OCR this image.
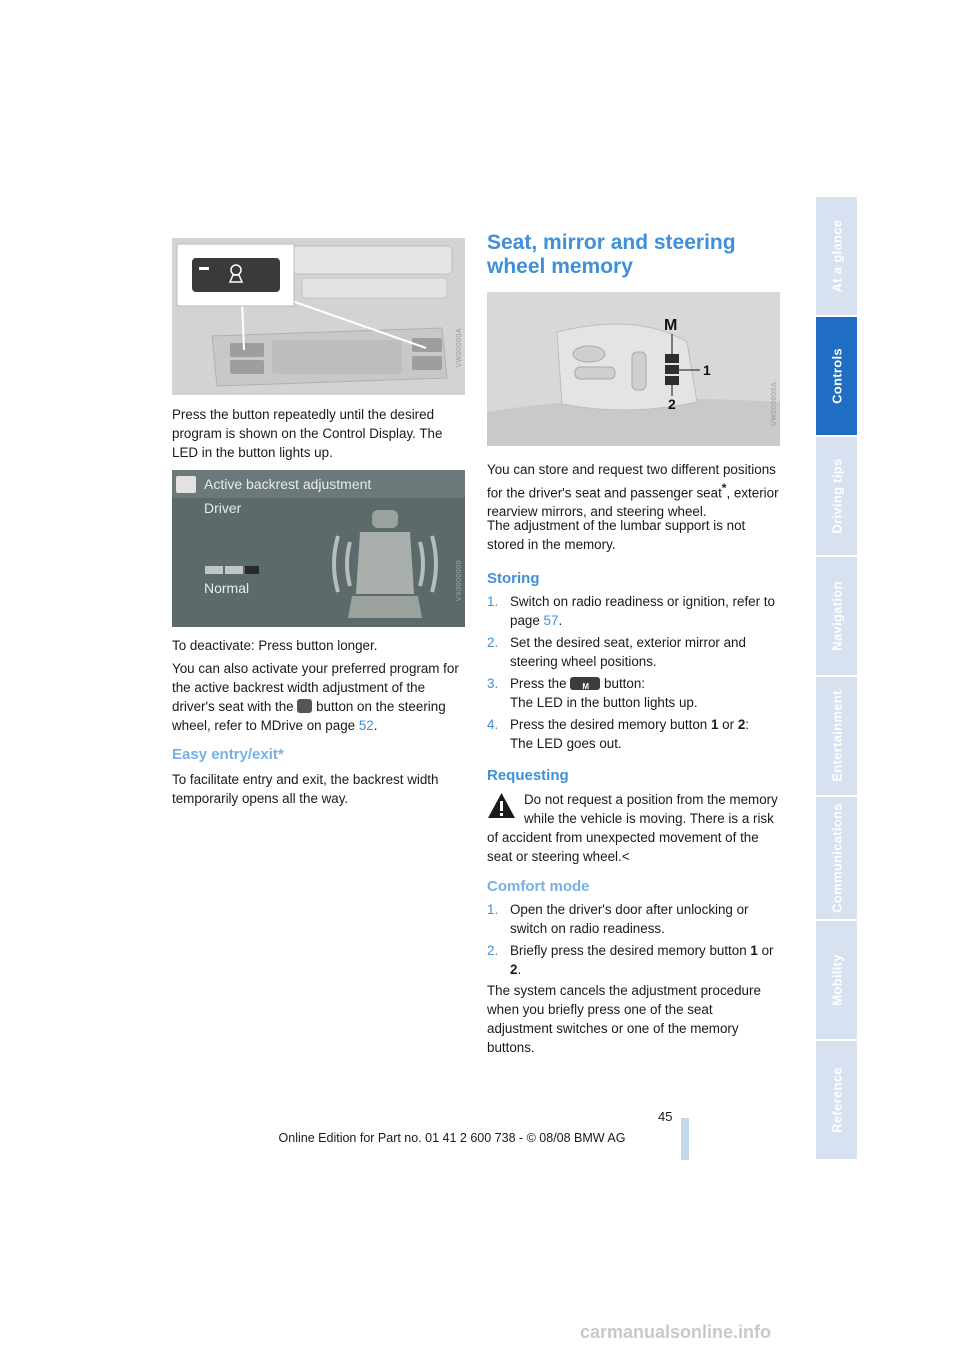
At a glance
Controls
Driving tips
Navigation
Entertainment
Communications
Mobility
Reference
VW00000A

Press the button repeatedly until the desired program is shown on the Control Display. The LED in the button lights up.

Active backrest adjustment
Driver
Normal	VX0000000

To deactivate: Press button longer.

You can also activate your preferred program for the active backrest width adjustment of the driver's seat with the button on the steering wheel, refer to MDrive on page 52.

Easy entry/exit*

To facilitate entry and exit, the backrest width temporarily opens all the way.

Seat, mirror and steering wheel memory
M
1
2	VW000000A

You can store and request two different positions for the driver's seat and passenger seat*, exterior rearview mirrors, and steering wheel.

The adjustment of the lumbar support is not stored in the memory.

Storing
1. Switch on radio readiness or ignition, refer to page 57.
2. Set the desired seat, exterior mirror and steering wheel positions.
3. Press the M	button:
The LED in the button lights up.
4. Press the desired memory button 1 or 2:
The LED goes out.
Requesting

Do not request a position from the memory while the vehicle is moving. There is a risk of accident from unexpected movement of the seat or steering wheel.<

Comfort mode
1. Open the driver's door after unlocking or switch on radio readiness.
2. Briefly press the desired memory button 1 or 2.

The system cancels the adjustment procedure when you briefly press one of the seat adjustment switches or one of the memory buttons.

45
Online Edition for Part no. 01 41 2 600 738 - © 08/08 BMW AG
carmanualsonline.info
